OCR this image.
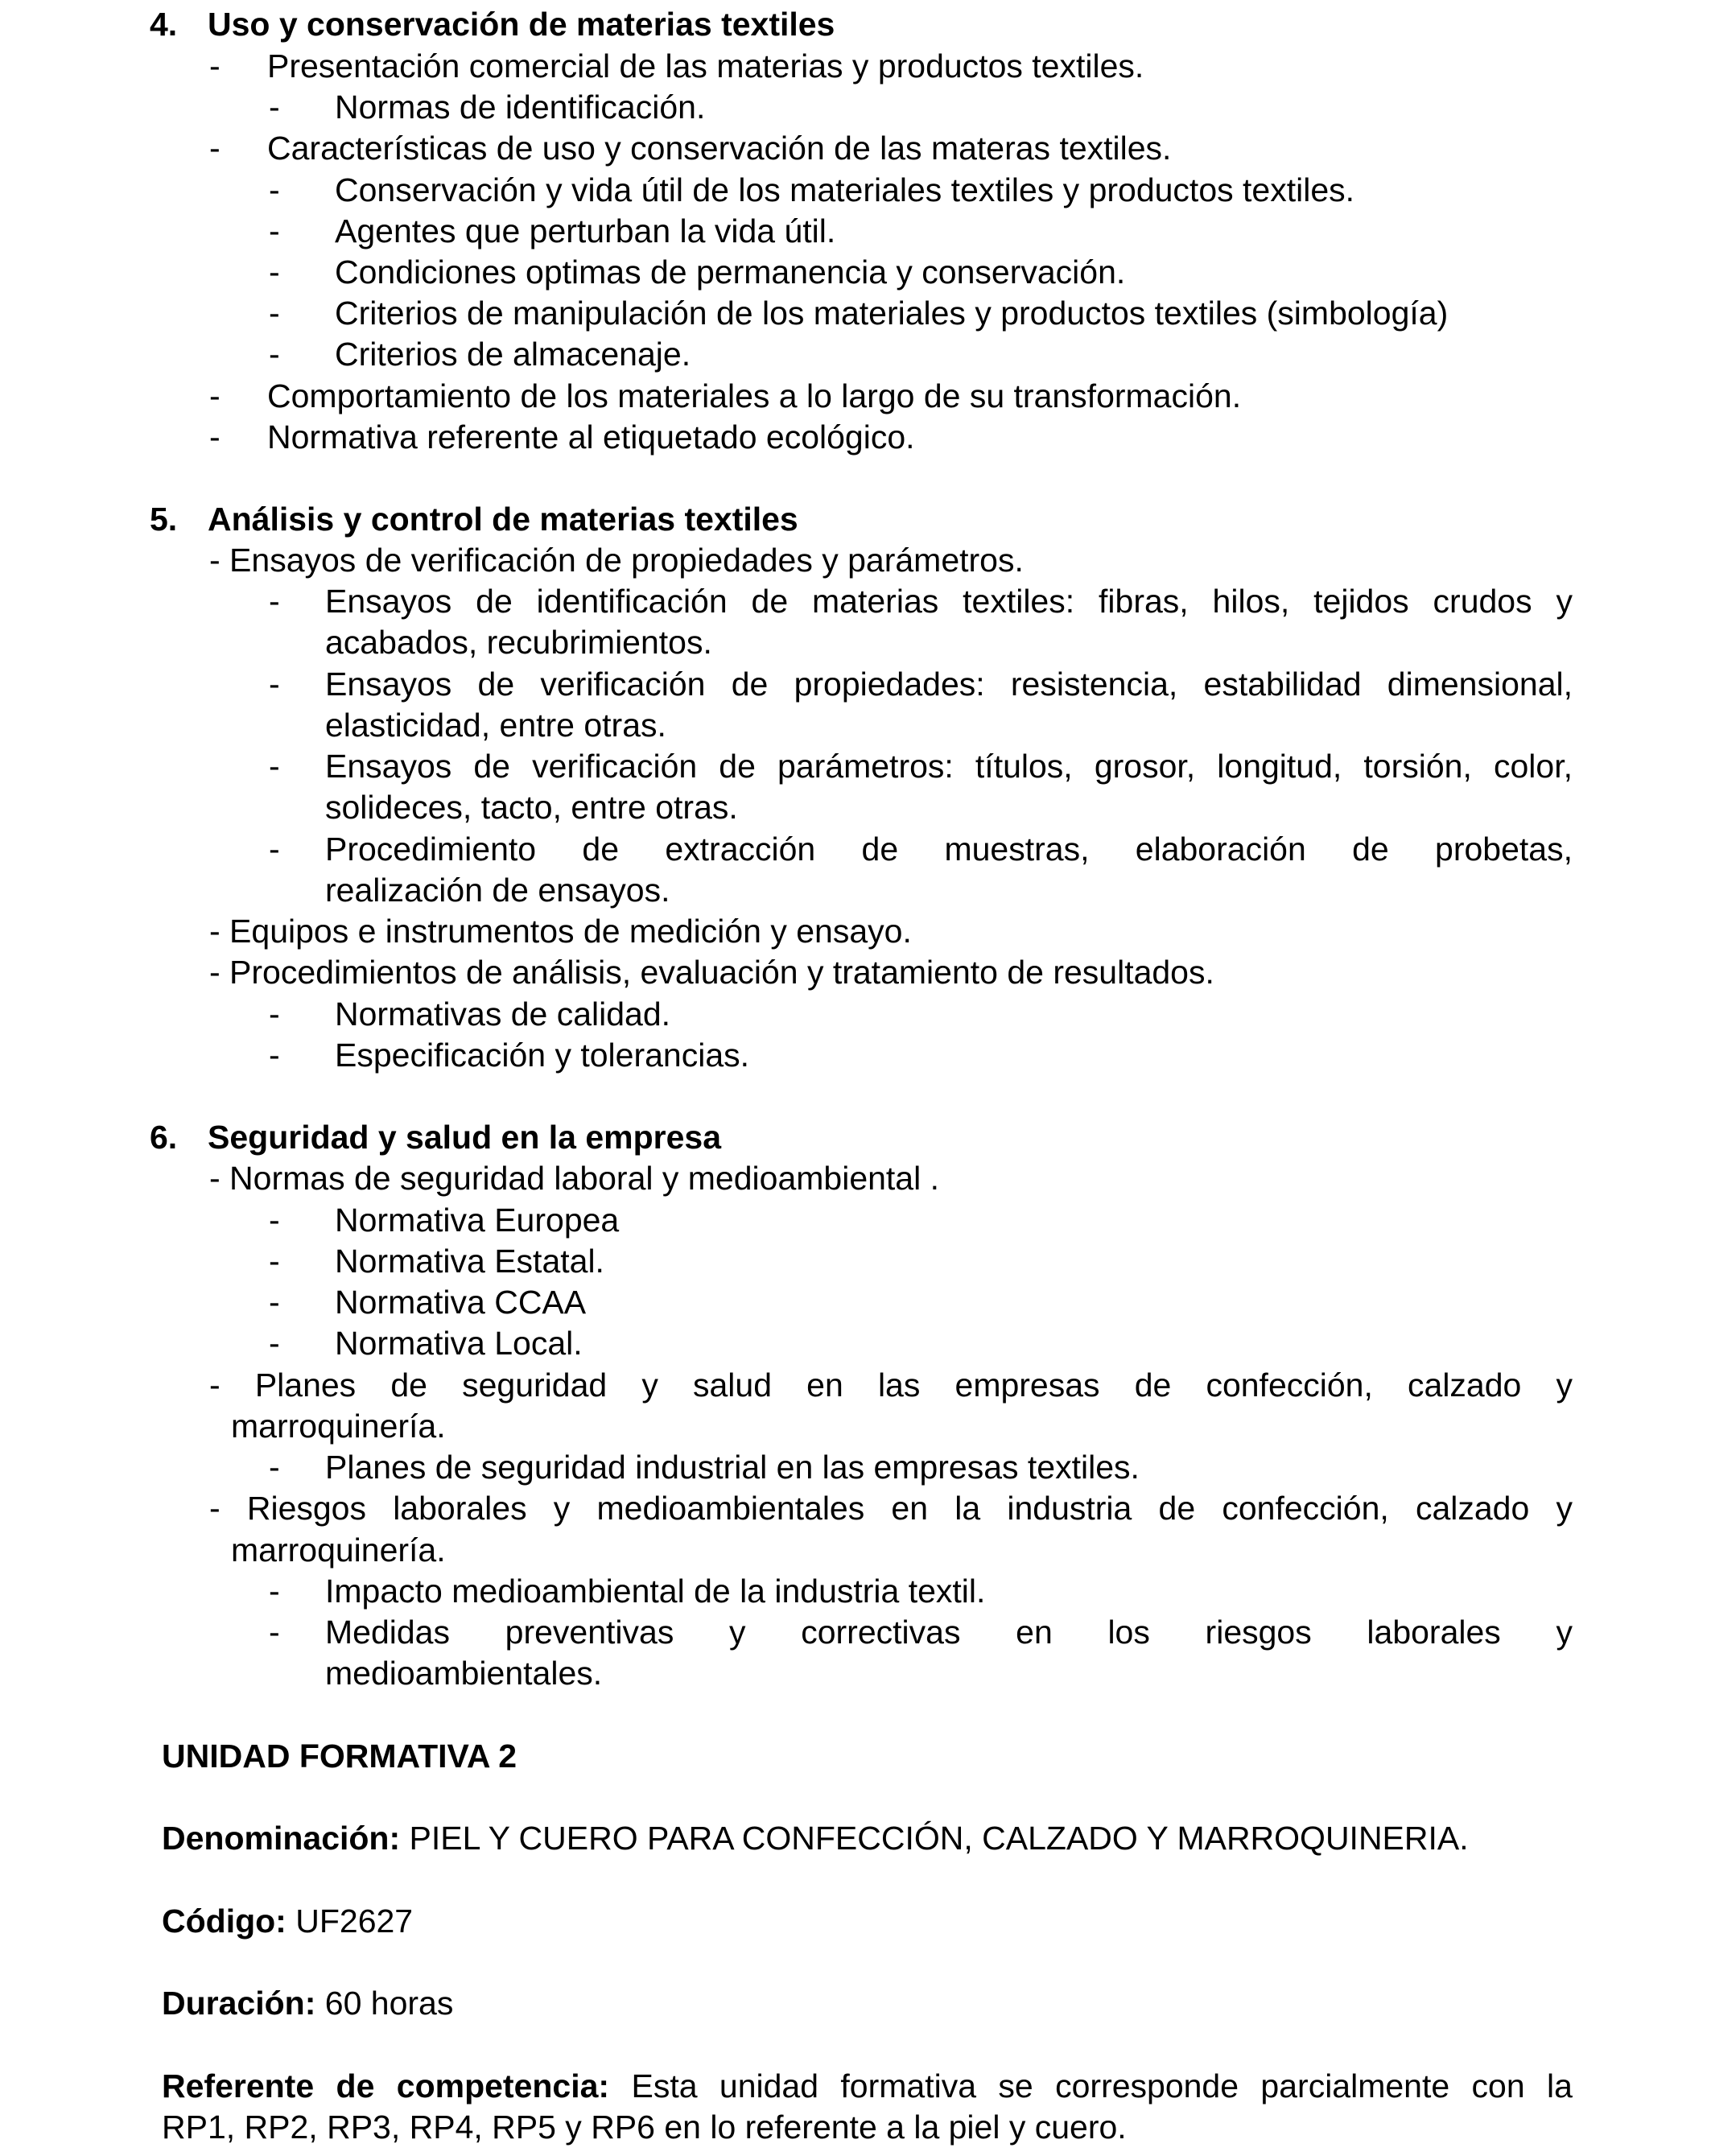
4. Uso y conservación de materias textiles
- Presentación comercial de las materias y productos textiles.
- Normas de identificación.
- Características de uso y conservación de las materas textiles.
- Conservación y vida útil de los materiales textiles y productos textiles.
- Agentes que perturban la vida útil.
- Condiciones optimas de permanencia y conservación.
- Criterios de manipulación de los materiales y productos textiles (simbología)
- Criterios de almacenaje.
- Comportamiento de los materiales a lo largo de su transformación.
- Normativa referente al etiquetado ecológico.
5. Análisis y control de materias textiles
- Ensayos de verificación de propiedades y parámetros.
- Ensayos de identificación de materias textiles: fibras, hilos, tejidos crudos y
acabados, recubrimientos.
- Ensayos de verificación de propiedades: resistencia, estabilidad dimensional,
elasticidad, entre otras.
- Ensayos de verificación de parámetros: títulos, grosor, longitud, torsión, color,
solideces, tacto, entre otras.
- Procedimiento de extracción de muestras, elaboración de probetas,
realización de ensayos.
- Equipos e instrumentos de medición y ensayo.
- Procedimientos de análisis, evaluación y tratamiento de resultados.
- Normativas de calidad.
- Especificación y tolerancias.
6. Seguridad y salud en la empresa
- Normas de seguridad laboral y medioambiental .
- Normativa Europea
- Normativa Estatal.
- Normativa CCAA
- Normativa Local.
- Planes de seguridad y salud en las empresas de confección, calzado y
marroquinería.
- Planes de seguridad industrial en las empresas textiles.
- Riesgos laborales y medioambientales en la industria de confección, calzado y
marroquinería.
- Impacto medioambiental de la industria textil.
- Medidas preventivas y correctivas en los riesgos laborales y
medioambientales.
UNIDAD FORMATIVA 2
Denominación: PIEL Y CUERO PARA CONFECCIÓN, CALZADO Y MARROQUINERIA.
Código: UF2627
Duración: 60 horas
Referente de competencia: Esta unidad formativa se corresponde parcialmente con la
RP1, RP2, RP3, RP4, RP5 y RP6 en lo referente a la piel y cuero.
